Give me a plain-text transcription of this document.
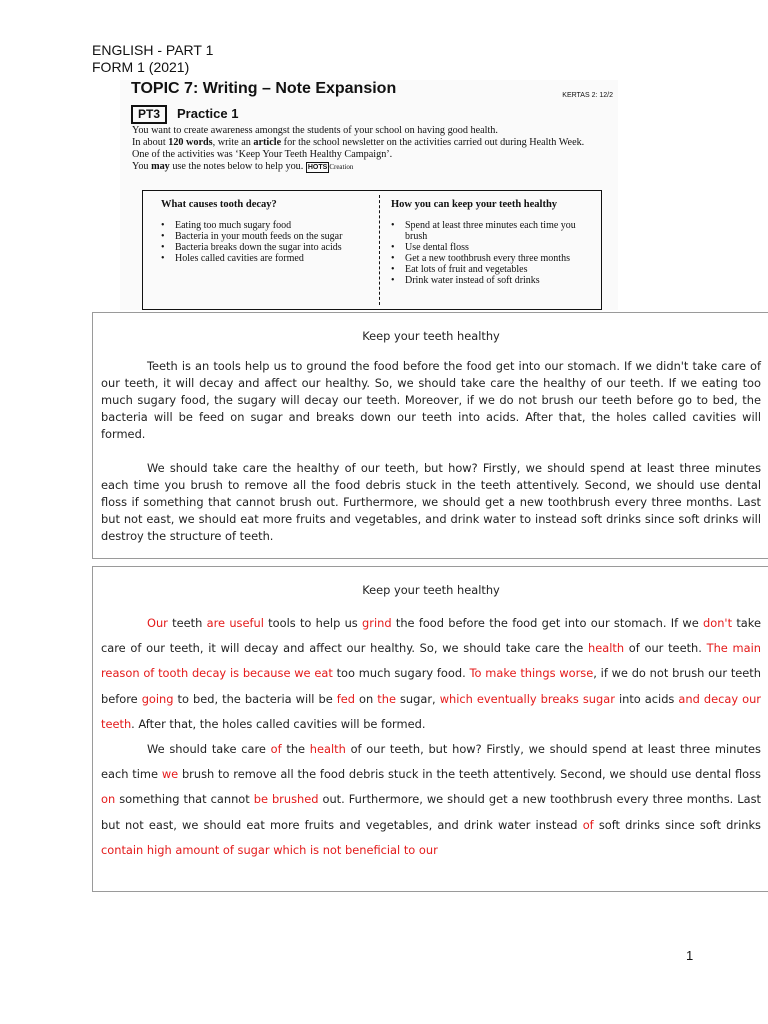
ENGLISH - PART 1
FORM 1 (2021)
TOPIC 7: Writing – Note Expansion	KERTAS 2: 12/2
PT3	Practice 1

You want to create awareness amongst the students of your school on having good health.

In about 120 words, write an article for the school newsletter on the activities carried out during Health Week.

One of the activities was ‘Keep Your Teeth Healthy Campaign’.

You may use the notes below to help you. HOTS Creation

What causes tooth decay?
• Eating too much sugary food
• Bacteria in your mouth feeds on the sugar
• Bacteria breaks down the sugar into acids
• Holes called cavities are formed
How you can keep your teeth healthy
• Spend at least three minutes each time you brush
• Use dental floss
• Get a new toothbrush every three months
• Eat lots of fruit and vegetables
• Drink water instead of soft drinks
Keep your teeth healthy

Teeth is an tools help us to ground the food before the food get into our stomach. If we didn't take care of our teeth, it will decay and affect our healthy. So, we should take care the healthy of our teeth. If we eating too much sugary food, the sugary will decay our teeth. Moreover, if we do not brush our teeth before go to bed, the bacteria will be feed on sugar and breaks down our teeth into acids. After that, the holes called cavities will formed.

We should take care the healthy of our teeth, but how? Firstly, we should spend at least three minutes each time you brush to remove all the food debris stuck in the teeth attentively. Second, we should use dental floss if something that cannot brush out. Furthermore, we should get a new toothbrush every three months. Last but not east, we should eat more fruits and vegetables, and drink water to instead soft drinks since soft drinks will destroy the structure of teeth.

Keep your teeth healthy

Our teeth are useful tools to help us grind the food before the food get into our stomach. If we don't take care of our teeth, it will decay and affect our healthy. So, we should take care the health of our teeth. The main reason of tooth decay is because we eat too much sugary food. To make things worse, if we do not brush our teeth before going to bed, the bacteria will be fed on the sugar, which eventually breaks sugar into acids and decay our teeth. After that, the holes called cavities will be formed.

We should take care of the health of our teeth, but how? Firstly, we should spend at least three minutes each time we brush to remove all the food debris stuck in the teeth attentively. Second, we should use dental floss on something that cannot be brushed out. Furthermore, we should get a new toothbrush every three months. Last but not east, we should eat more fruits and vegetables, and drink water instead of soft drinks since soft drinks contain high amount of sugar which is not beneficial to our

1
